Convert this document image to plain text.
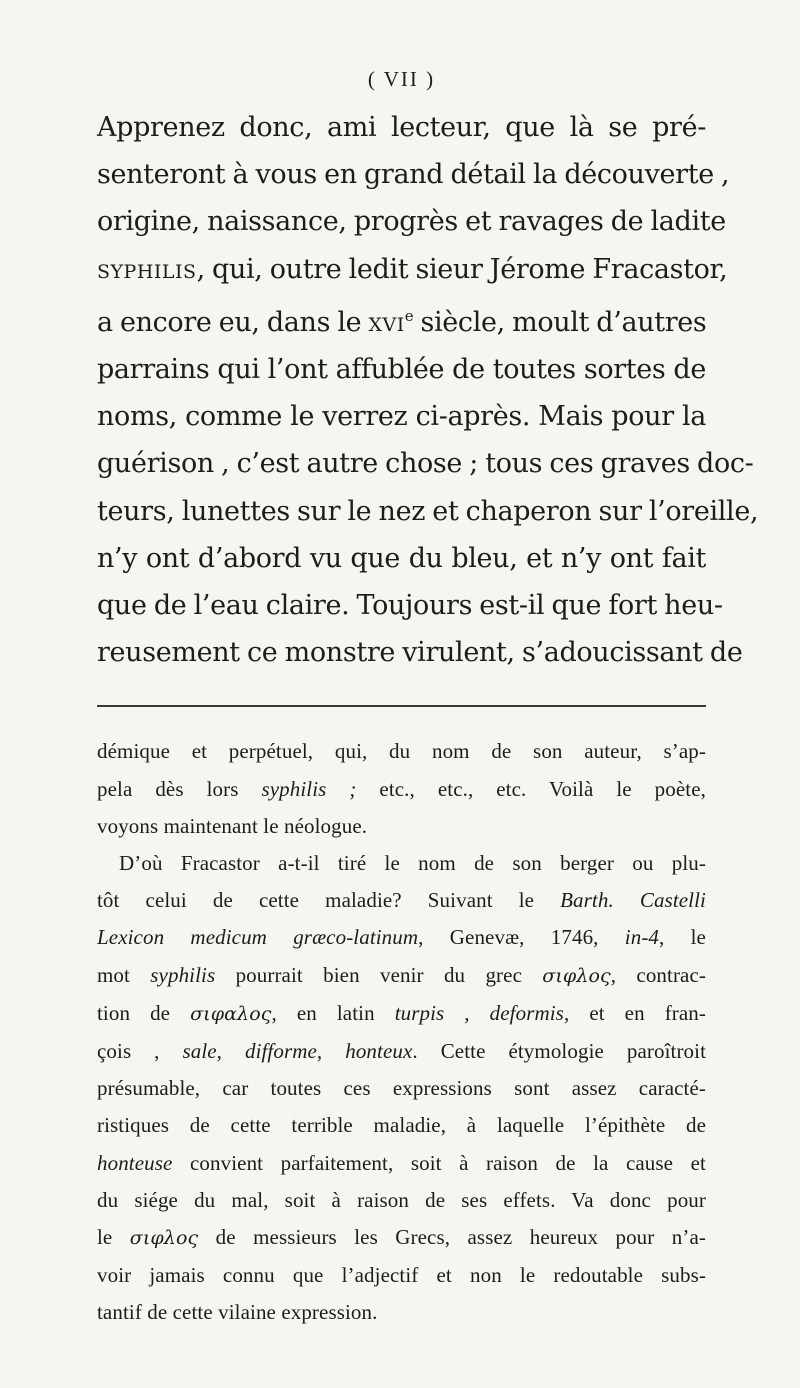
( VII )
Apprenez donc, ami lecteur, que là se pré-
senteront à vous en grand détail la découverte ,
origine, naissance, progrès et ravages de ladite
syphilis, qui, outre ledit sieur Jérome Fracastor,
a encore eu, dans le xvi$^e$ siècle, moult d’autres
parrains qui l’ont affublée de toutes sortes de
noms, comme le verrez ci-après. Mais pour la
guérison , c’est autre chose ; tous ces graves doc-
teurs, lunettes sur le nez et chaperon sur l’oreille,
n’y ont d’abord vu que du bleu, et n’y ont fait
que de l’eau claire. Toujours est-il que fort heu-
reusement ce monstre virulent, s’adoucissant de
démique et perpétuel, qui, du nom de son auteur, s’ap-
pela dès lors syphilis ; etc., etc., etc. Voilà le poète,
voyons maintenant le néologue.
D’où Fracastor a-t-il tiré le nom de son berger ou plu-
tôt celui de cette maladie? Suivant le Barth. Castelli
Lexicon medicum græco-latinum, Genevæ, 1746, in-4, le
mot syphilis pourrait bien venir du grec σιφλος, contrac-
tion de σιφαλος, en latin turpis , deformis, et en fran-
çois , sale, difforme, honteux. Cette étymologie paroîtroit
présumable, car toutes ces expressions sont assez caracté-
ristiques de cette terrible maladie, à laquelle l’épithète de
honteuse convient parfaitement, soit à raison de la cause et
du siége du mal, soit à raison de ses effets. Va donc pour
le σιφλος de messieurs les Grecs, assez heureux pour n’a-
voir jamais connu que l’adjectif et non le redoutable subs-
tantif de cette vilaine expression.
